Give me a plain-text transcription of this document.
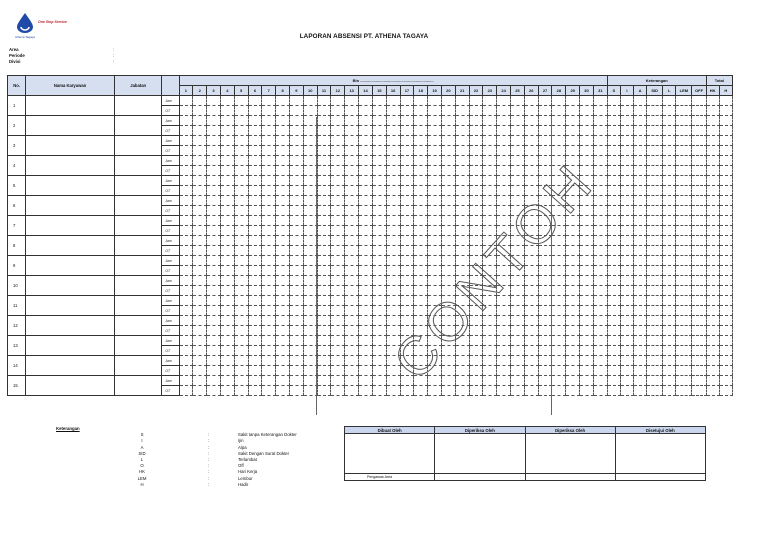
One Stop Service
Athena Tagaya	LAPORAN ABSENSI PT. ATHENA TAGAYA
Area	:
Periode	:
Divisi	:
No.	Nama Karyawan	Jabatan		Bln ..................................................................																															Keterangan							Total	
				1	2	3	4	5	6	7	8	9	10	11	12	13	14	15	16	17	18	19	20	21	22	23	24	25	26	27	28	29	30	31	S	I	A	SID	L	LEM	OFF	HK	H
1			Jam																																								
			OT																																								
2			Jam																																								
			OT																																								
3			Jam																																								
			OT																																								
4			Jam																																								
			OT																																								
5			Jam																																								
			OT																																								
6			Jam																																								
			OT																																								
7			Jam																																								
			OT																																								
8			Jam																																								
			OT																																								
9			Jam																																								
			OT																																								
10			Jam																																								
			OT																																								
11			Jam																																								
			OT																																								
12			Jam																																								
			OT																																								
13			Jam																																								
			OT																																								
14			Jam																																								
			OT																																								
15			Jam																																								
			OT																																									CONTOH
Keterangan
S	:	Sakit tanpa Keterangan Dokter
I	:	Ijin
A	:	Alpa
SID	:	Sakit Dengan Surat Dokter
L	:	Terlambat
O	:	Off
HK	:	Hari Kerja
LEM	:	Lembur
H	:	Hadir
Dibuat Oleh	Diperiksa Oleh	Diperiksa Oleh	Disetujui Oleh

Pengawas Area			
